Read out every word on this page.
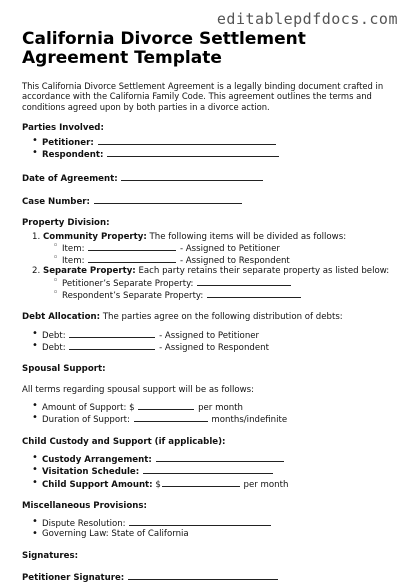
editablepdfdocs.com
California Divorce Settlement Agreement Template

This California Divorce Settlement Agreement is a legally binding document crafted in accordance with the California Family Code. This agreement outlines the terms and conditions agreed upon by both parties in a divorce action.

Parties Involved:
• Petitioner:
• Respondent:
Date of Agreement:
Case Number:
Property Division:
1. Community Property: The following items will be divided as follows:
◦ Item:	- Assigned to Petitioner
◦ Item:	- Assigned to Respondent
2. Separate Property: Each party retains their separate property as listed below:
◦ Petitioner’s Separate Property:
◦ Respondent’s Separate Property:
Debt Allocation: The parties agree on the following distribution of debts:
• Debt:	- Assigned to Petitioner
• Debt:	- Assigned to Respondent
Spousal Support:

All terms regarding spousal support will be as follows:

• Amount of Support: $	per month
• Duration of Support:	months/indefinite
Child Custody and Support (if applicable):
• Custody Arrangement:
• Visitation Schedule:
• Child Support Amount: $	per month
Miscellaneous Provisions:
• Dispute Resolution:
• Governing Law: State of California
Signatures:
Petitioner Signature:
